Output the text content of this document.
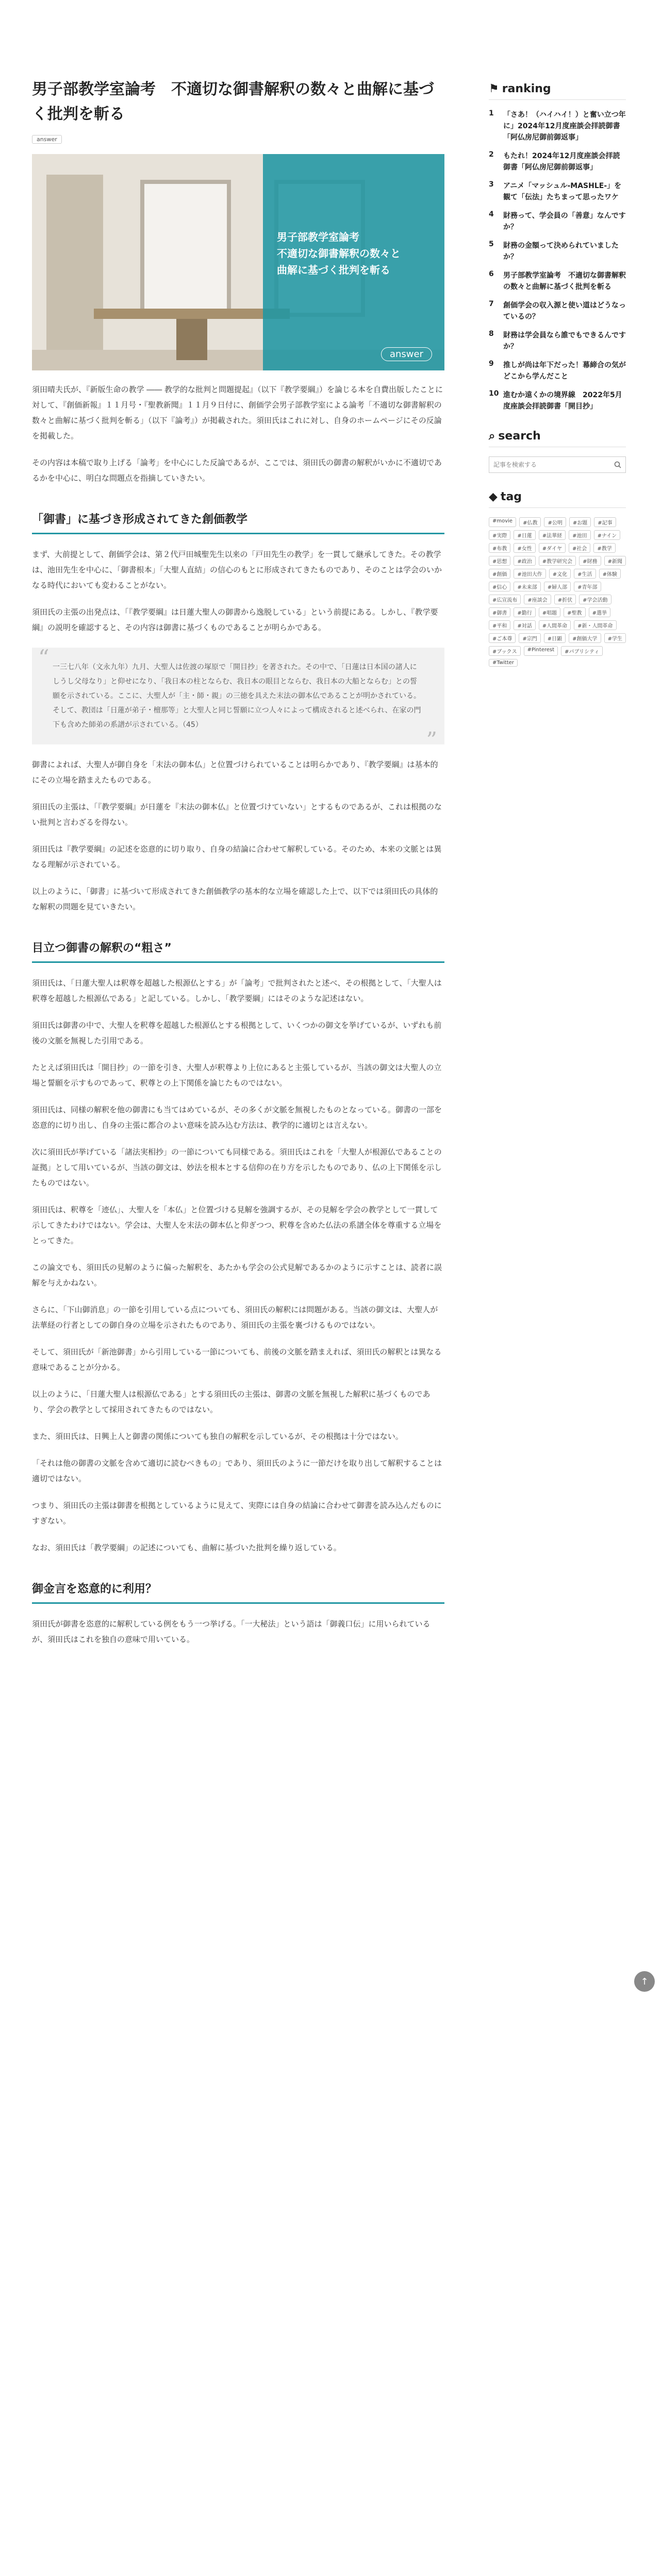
男子部教学室論考　不適切な御書解釈の数々と曲解に基づく批判を斬る
answer
男子部教学室論考
不適切な御書解釈の数々と
曲解に基づく批判を斬る
answer

須田晴夫氏が、『新版生命の教学 ―― 教学的な批判と問題提起』（以下『教学要綱』）を論じる本を自費出版したことに対して、『創価新報』１１月号・『聖教新聞』１１月９日付に、創価学会男子部教学室による論考「不適切な御書解釈の数々と曲解に基づく批判を斬る」（以下『論考』）が掲載された。須田氏はこれに対し、自身のホームページにその反論を掲載した。

その内容は本稿で取り上げる「論考」を中心にした反論であるが、ここでは、須田氏の御書の解釈がいかに不適切であるかを中心に、明白な問題点を指摘していきたい。

「御書」に基づき形成されてきた創価教学

まず、大前提として、創価学会は、第２代戸田城聖先生以来の「戸田先生の教学」を一貫して継承してきた。その教学は、池田先生を中心に、「御書根本」「大聖人直結」の信心のもとに形成されてきたものであり、そのことは学会のいかなる時代においても変わることがない。

須田氏の主張の出発点は、「『教学要綱』は日蓮大聖人の御書から逸脱している」という前提にある。しかし、『教学要綱』の説明を確認すると、その内容は御書に基づくものであることが明らかである。

“ 一三七八年（文永九年）九月、大聖人は佐渡の塚原で「開目抄」を著された。その中で、「日蓮は日本国の諸人にしうし父母なり」と仰せになり、「我日本の柱とならむ、我日本の眼目とならむ、我日本の大船とならむ」との誓願を示されている。ここに、大聖人が「主・師・親」の三徳を具えた末法の御本仏であることが明かされている。そして、教団は「日蓮が弟子・檀那等」と大聖人と同じ誓願に立つ人々によって構成されると述べられ、在家の門下も含めた師弟の系譜が示されている。（45）
”

御書によれば、大聖人が御自身を「末法の御本仏」と位置づけられていることは明らかであり、『教学要綱』は基本的にその立場を踏まえたものである。

須田氏の主張は、「『教学要綱』が日蓮を『末法の御本仏』と位置づけていない」とするものであるが、これは根拠のない批判と言わざるを得ない。

須田氏は『教学要綱』の記述を恣意的に切り取り、自身の結論に合わせて解釈している。そのため、本来の文脈とは異なる理解が示されている。

以上のように、「御書」に基づいて形成されてきた創価教学の基本的な立場を確認した上で、以下では須田氏の具体的な解釈の問題を見ていきたい。

目立つ御書の解釈の“粗さ”

須田氏は、「日蓮大聖人は釈尊を超越した根源仏とする」が「論考」で批判されたと述べ、その根拠として、「大聖人は釈尊を超越した根源仏である」と記している。しかし、「教学要綱」にはそのような記述はない。

須田氏は御書の中で、大聖人を釈尊を超越した根源仏とする根拠として、いくつかの御文を挙げているが、いずれも前後の文脈を無視した引用である。

たとえば須田氏は「開目抄」の一節を引き、大聖人が釈尊より上位にあると主張しているが、当該の御文は大聖人の立場と誓願を示すものであって、釈尊との上下関係を論じたものではない。

須田氏は、同様の解釈を他の御書にも当てはめているが、その多くが文脈を無視したものとなっている。御書の一部を恣意的に切り出し、自身の主張に都合のよい意味を読み込む方法は、教学的に適切とは言えない。

次に須田氏が挙げている「諸法実相抄」の一節についても同様である。須田氏はこれを「大聖人が根源仏であることの証拠」として用いているが、当該の御文は、妙法を根本とする信仰の在り方を示したものであり、仏の上下関係を示したものではない。

須田氏は、釈尊を「迹仏」、大聖人を「本仏」と位置づける見解を強調するが、その見解を学会の教学として一貫して示してきたわけではない。学会は、大聖人を末法の御本仏と仰ぎつつ、釈尊を含めた仏法の系譜全体を尊重する立場をとってきた。

この論文でも、須田氏の見解のように偏った解釈を、あたかも学会の公式見解であるかのように示すことは、読者に誤解を与えかねない。

さらに、「下山御消息」の一節を引用している点についても、須田氏の解釈には問題がある。当該の御文は、大聖人が法華経の行者としての御自身の立場を示されたものであり、須田氏の主張を裏づけるものではない。

そして、須田氏が「新池御書」から引用している一節についても、前後の文脈を踏まえれば、須田氏の解釈とは異なる意味であることが分かる。

以上のように、「日蓮大聖人は根源仏である」とする須田氏の主張は、御書の文脈を無視した解釈に基づくものであり、学会の教学として採用されてきたものではない。

また、須田氏は、日興上人と御書の関係についても独自の解釈を示しているが、その根拠は十分ではない。

「それは他の御書の文脈を含めて適切に読むべきもの」であり、須田氏のように一節だけを取り出して解釈することは適切ではない。

つまり、須田氏の主張は御書を根拠としているように見えて、実際には自身の結論に合わせて御書を読み込んだものにすぎない。

なお、須田氏は「教学要綱」の記述についても、曲解に基づいた批判を繰り返している。

御金言を恣意的に利用？

須田氏が御書を恣意的に解釈している例をもう一つ挙げる。「一大秘法」という語は「御義口伝」に用いられているが、須田氏はこれを独自の意味で用いている。

⚑ ranking
1	「さあ！（ハイハイ！）と奮い立つ年に」2024年12月度座談会拝読御書「阿仏房尼御前御返事」
2	もたれ！2024年12月度座談会拝読御書「阿仏房尼御前御返事」
3	アニメ「マッシュル-MASHLE-」を観て「伝法」たちまって思ったワケ
4	財務って、学会員の「善意」なんですか？
5	財務の金額って決められていましたか？
6	男子部教学室論考　不適切な御書解釈の数々と曲解に基づく批判を斬る
7	創価学会の収入源と使い道はどうなっているの？
8	財務は学会員なら誰でもできるんですか？
9	推しが尚は年下だった！幕締合の気がどこから学んだこと
10 進むか遠くかの境界線　2022年5月度座談会拝読御書「開目抄」
⌕ search
記事を検索する
◆ tag
#movie	#仏教	#公明	#お題	#記事
#実際	#日蓮	#法華経	#池田	#ナイン
#布教	#女性	#ダイヤ	#社会	#教学
#思想	#政治	#教学研究会	#財務	#新聞
#創価	#池田大作	#文化	#生活	#体験
#信心	#未来部	#婦人部	#青年部
#広宣流布	#座談会	#折伏	#学会活動
#御書	#勤行	#唱題	#聖教	#選挙
#平和	#対話	#人間革命	#新・人間革命
#ご本尊	#宗門	#日顕	#創価大学	#学生
#ブックス	#Pinterest	#パブリシティ
#Twitter
↑
